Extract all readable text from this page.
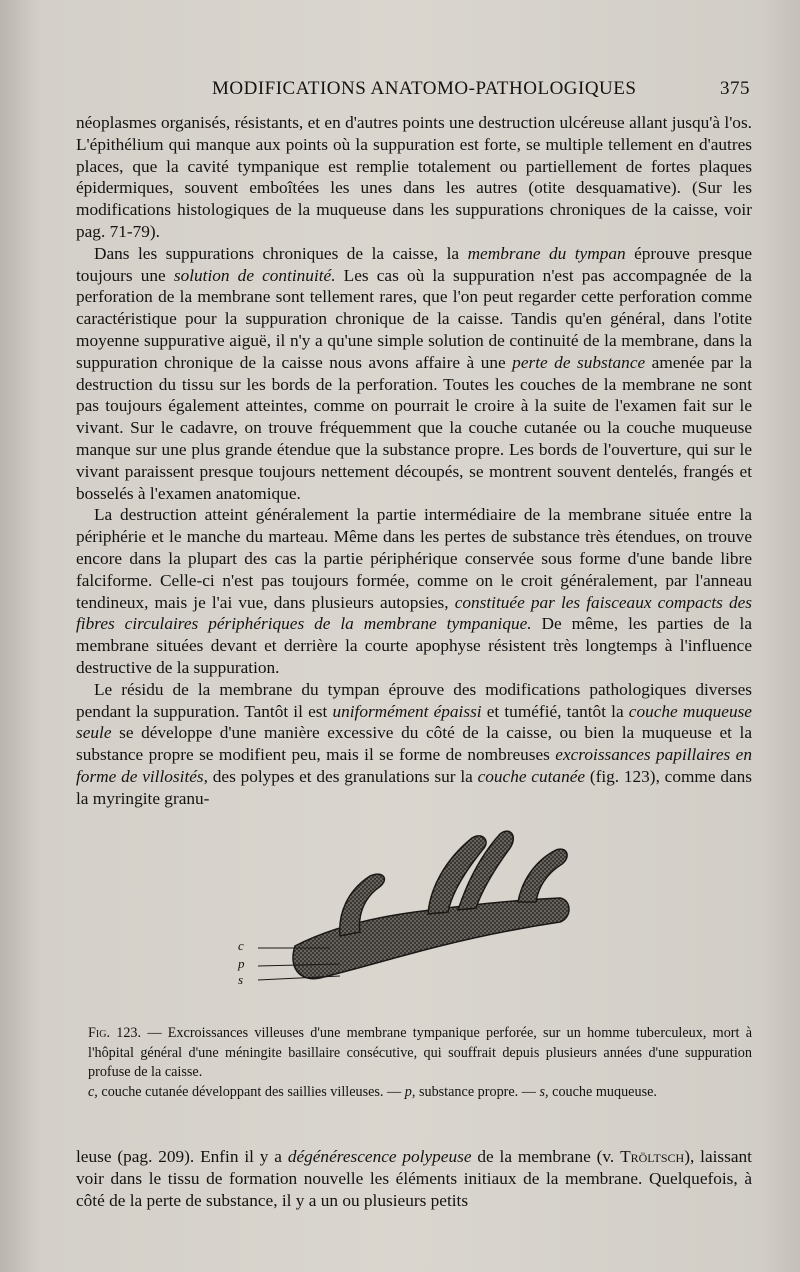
MODIFICATIONS ANATOMO-PATHOLOGIQUES	375

néoplasmes organisés, résistants, et en d'autres points une destruction ulcéreuse allant jusqu'à l'os. L'épithélium qui manque aux points où la suppuration est forte, se multiple tellement en d'autres places, que la cavité tympanique est remplie totalement ou partiellement de fortes plaques épidermiques, souvent emboîtées les unes dans les autres (otite desquamative). (Sur les modifications histologiques de la muqueuse dans les suppurations chroniques de la caisse, voir pag. 71-79).

Dans les suppurations chroniques de la caisse, la membrane du tympan éprouve presque toujours une solution de continuité. Les cas où la suppuration n'est pas accompagnée de la perforation de la membrane sont tellement rares, que l'on peut regarder cette perforation comme caractéristique pour la suppuration chronique de la caisse. Tandis qu'en général, dans l'otite moyenne suppurative aiguë, il n'y a qu'une simple solution de continuité de la membrane, dans la suppuration chronique de la caisse nous avons affaire à une perte de substance amenée par la destruction du tissu sur les bords de la perforation. Toutes les couches de la membrane ne sont pas toujours également atteintes, comme on pourrait le croire à la suite de l'examen fait sur le vivant. Sur le cadavre, on trouve fréquemment que la couche cutanée ou la couche muqueuse manque sur une plus grande étendue que la substance propre. Les bords de l'ouverture, qui sur le vivant paraissent presque toujours nettement découpés, se montrent souvent dentelés, frangés et bosselés à l'examen anatomique.

La destruction atteint généralement la partie intermédiaire de la membrane située entre la périphérie et le manche du marteau. Même dans les pertes de substance très étendues, on trouve encore dans la plupart des cas la partie périphérique conservée sous forme d'une bande libre falciforme. Celle-ci n'est pas toujours formée, comme on le croit généralement, par l'anneau tendineux, mais je l'ai vue, dans plusieurs autopsies, constituée par les faisceaux compacts des fibres circulaires périphériques de la membrane tympanique. De même, les parties de la membrane situées devant et derrière la courte apophyse résistent très longtemps à l'influence destructive de la suppuration.

Le résidu de la membrane du tympan éprouve des modifications pathologiques diverses pendant la suppuration. Tantôt il est uniformément épaissi et tuméfié, tantôt la couche muqueuse seule se développe d'une manière excessive du côté de la caisse, ou bien la muqueuse et la substance propre se modifient peu, mais il se forme de nombreuses excroissances papillaires en forme de villosités, des polypes et des granulations sur la couche cutanée (fig. 123), comme dans la myringite granu-

c
p
s

Fig. 123. — Excroissances villeuses d'une membrane tympanique perforée, sur un homme tuberculeux, mort à l'hôpital général d'une méningite basillaire consécutive, qui souffrait depuis plusieurs années d'une suppuration profuse de la caisse.

c, couche cutanée développant des saillies villeuses. — p, substance propre. — s, couche muqueuse.

leuse (pag. 209). Enfin il y a dégénérescence polypeuse de la membrane (v. Tröltsch), laissant voir dans le tissu de formation nouvelle les éléments initiaux de la membrane. Quelquefois, à côté de la perte de substance, il y a un ou plusieurs petits
